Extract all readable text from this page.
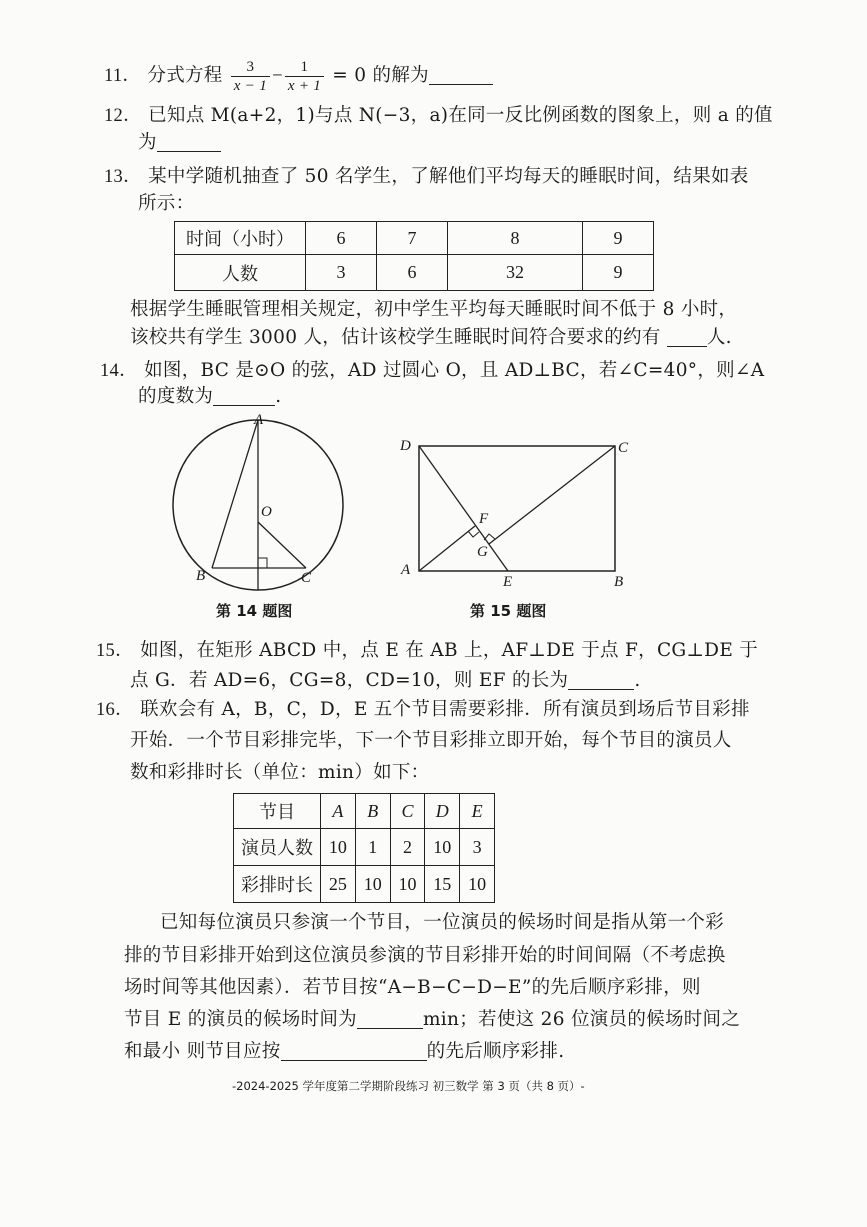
11． 分式方程 $\frac{3}{x - 1} - \frac{1}{x + 1} = 0$ 的解为
12． 已知点 M(a+2，1)与点 N(−3，a)在同一反比例函数的图象上，则 a 的值
为
13． 某中学随机抽查了 50 名学生，了解他们平均每天的睡眠时间，结果如表
所示：
时间（小时）	6	7	8	9
人数	3	6	32	9
根据学生睡眠管理相关规定，初中学生平均每天睡眠时间不低于 8 小时，
该校共有学生 3000 人，估计该校学生睡眠时间符合要求的约有 人.
14． 如图，BC 是⊙O 的弦，AD 过圆心 O，且 AD⊥BC，若∠C=40°，则∠A
的度数为	.
A
O
B	C
第 14 题图
D	C
F
G
A
E	B
第 15 题图
15． 如图，在矩形 ABCD 中，点 E 在 AB 上，AF⊥DE 于点 F，CG⊥DE 于
点 G．若 AD=6，CG=8，CD=10，则 EF 的长为	.
16． 联欢会有 A，B，C，D，E 五个节目需要彩排．所有演员到场后节目彩排
开始．一个节目彩排完毕，下一个节目彩排立即开始，每个节目的演员人
数和彩排时长（单位：min）如下：
节目	A	B	C	D	E
演员人数	10	1	2	10	3
彩排时长	25	10	10	15	10
已知每位演员只参演一个节目，一位演员的候场时间是指从第一个彩
排的节目彩排开始到这位演员参演的节目彩排开始的时间间隔（不考虑换
场时间等其他因素）．若节目按“A−B−C−D−E”的先后顺序彩排，则
节目 E 的演员的候场时间为	min；若使这 26 位演员的候场时间之
和最小 则节目应按	的先后顺序彩排.
-2024-2025 学年度第二学期阶段练习 初三数学 第 3 页（共 8 页）-
